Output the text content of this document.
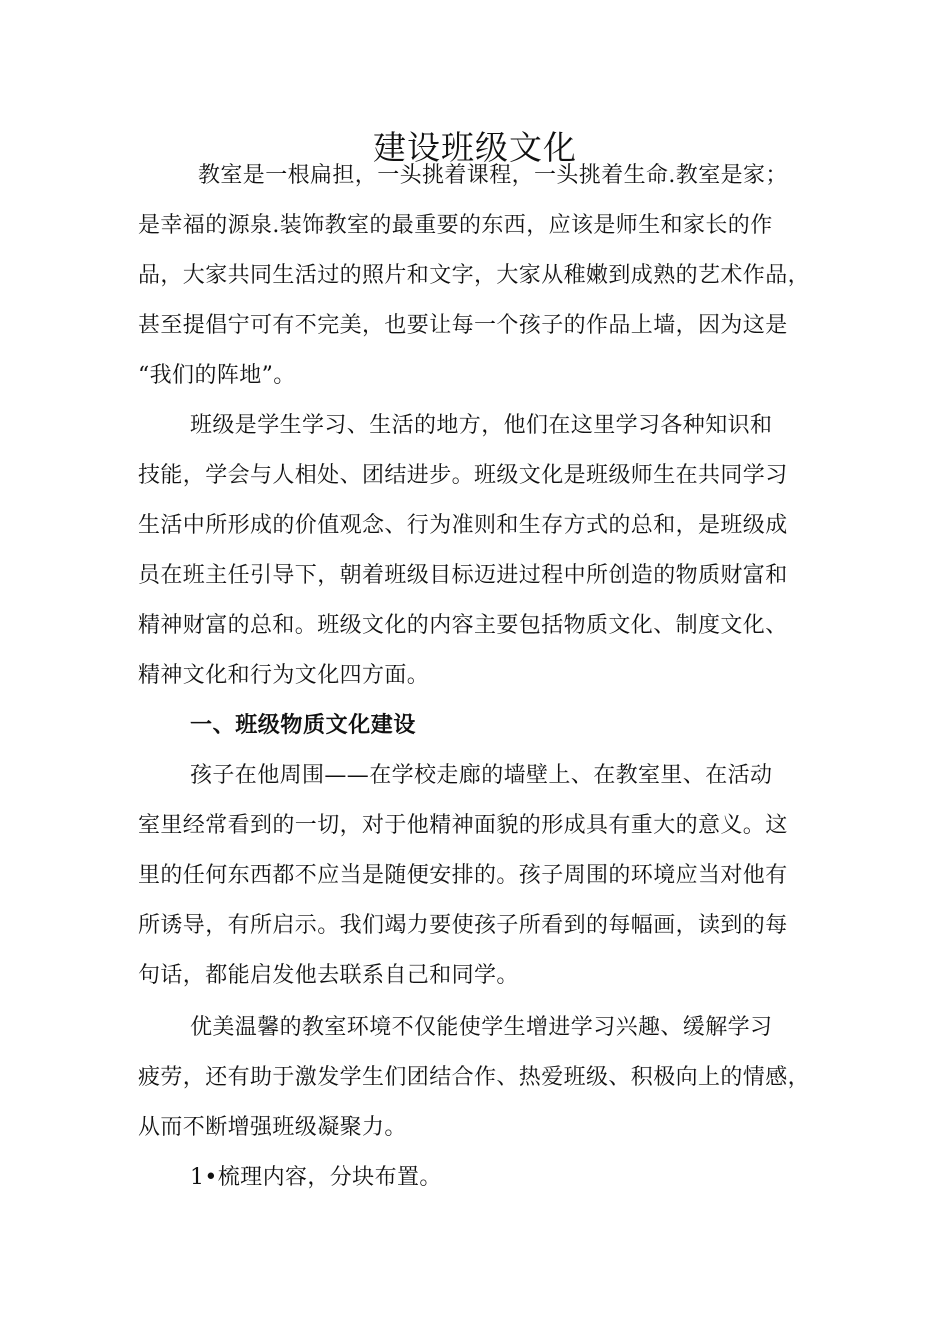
建设班级文化
教室是一根扁担，一头挑着课程，一头挑着生命.教室是家；
是幸福的源泉.装饰教室的最重要的东西，应该是师生和家长的作
品，大家共同生活过的照片和文字，大家从稚嫩到成熟的艺术作品，
甚至提倡宁可有不完美，也要让每一个孩子的作品上墙，因为这是
“我们的阵地”。
班级是学生学习、生活的地方，他们在这里学习各种知识和
技能，学会与人相处、团结进步。班级文化是班级师生在共同学习
生活中所形成的价值观念、行为准则和生存方式的总和，是班级成
员在班主任引导下，朝着班级目标迈进过程中所创造的物质财富和
精神财富的总和。班级文化的内容主要包括物质文化、制度文化、
精神文化和行为文化四方面。
一、班级物质文化建设
孩子在他周围——在学校走廊的墙壁上、在教室里、在活动
室里经常看到的一切，对于他精神面貌的形成具有重大的意义。这
里的任何东西都不应当是随便安排的。孩子周围的环境应当对他有
所诱导，有所启示。我们竭力要使孩子所看到的每幅画，读到的每
句话，都能启发他去联系自己和同学。
优美温馨的教室环境不仅能使学生增进学习兴趣、缓解学习
疲劳，还有助于激发学生们团结合作、热爱班级、积极向上的情感，
从而不断增强班级凝聚力。
1•梳理内容，分块布置。
